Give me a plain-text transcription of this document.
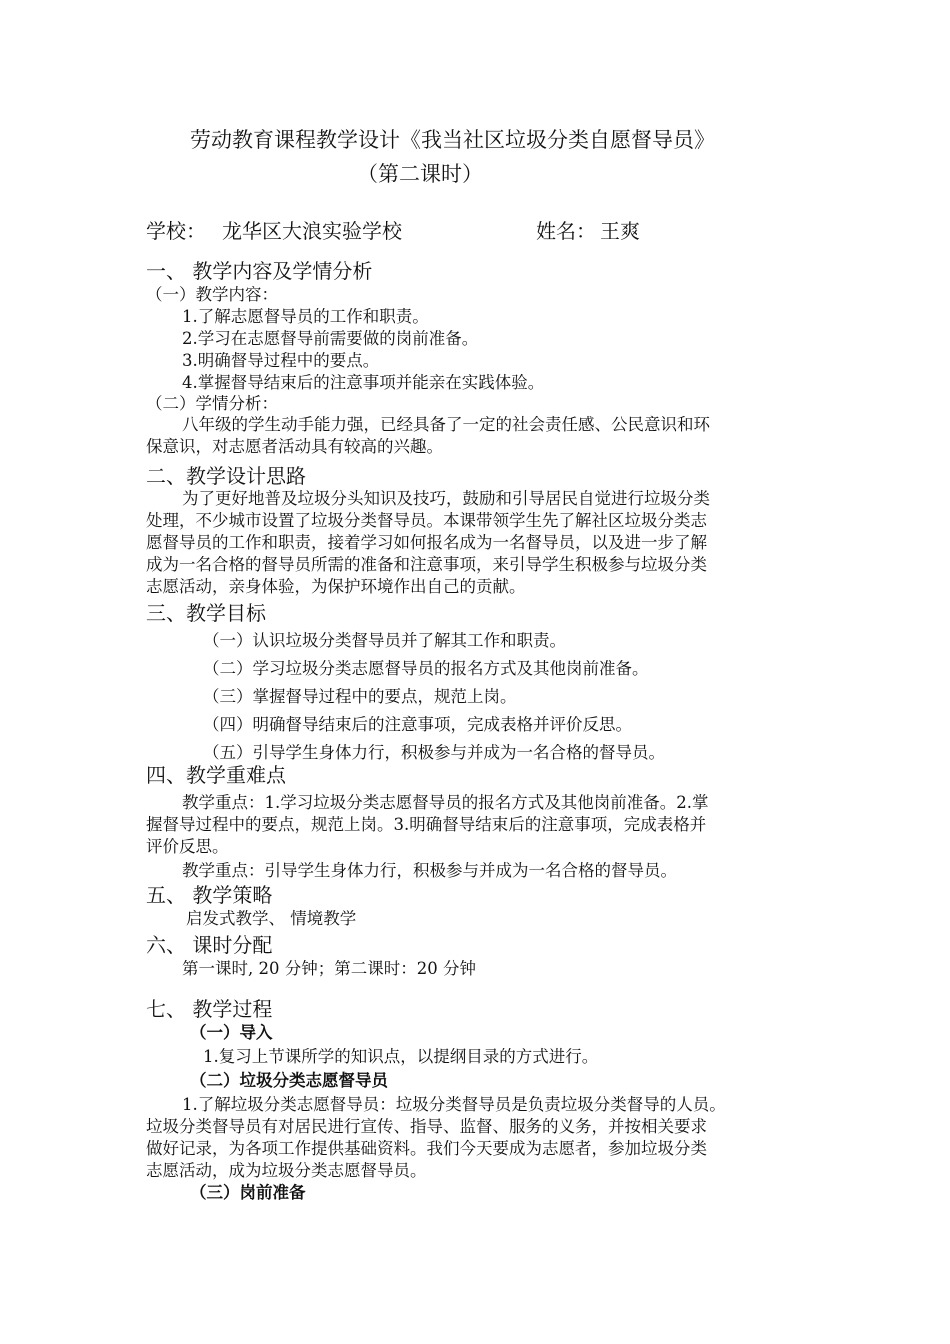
劳动教育课程教学设计《我当社区垃圾分类自愿督导员》
（第二课时）
学校： 龙华区大浪实验学校	姓名： 王爽
一、 教学内容及学情分析
（一）教学内容：
1.了解志愿督导员的工作和职责。
2.学习在志愿督导前需要做的岗前准备。
3.明确督导过程中的要点。
4.掌握督导结束后的注意事项并能亲在实践体验。
（二）学情分析：
八年级的学生动手能力强，已经具备了一定的社会责任感、公民意识和环
保意识，对志愿者活动具有较高的兴趣。
二、教学设计思路
为了更好地普及垃圾分头知识及技巧，鼓励和引导居民自觉进行垃圾分类
处理，不少城市设置了垃圾分类督导员。本课带领学生先了解社区垃圾分类志
愿督导员的工作和职责，接着学习如何报名成为一名督导员，以及进一步了解
成为一名合格的督导员所需的准备和注意事项，来引导学生积极参与垃圾分类
志愿活动，亲身体验，为保护环境作出自己的贡献。
三、教学目标
（一）认识垃圾分类督导员并了解其工作和职责。
（二）学习垃圾分类志愿督导员的报名方式及其他岗前准备。
（三）掌握督导过程中的要点，规范上岗。
（四）明确督导结束后的注意事项，完成表格并评价反思。
（五）引导学生身体力行，积极参与并成为一名合格的督导员。
四、教学重难点
教学重点：1.学习垃圾分类志愿督导员的报名方式及其他岗前准备。2.掌
握督导过程中的要点，规范上岗。3.明确督导结束后的注意事项，完成表格并
评价反思。
教学重点：引导学生身体力行，积极参与并成为一名合格的督导员。
五、 教学策略
启发式教学、 情境教学
六、 课时分配
第一课时, 20 分钟；第二课时：20 分钟
七、 教学过程
（一）导入
1.复习上节课所学的知识点，以提纲目录的方式进行。
（二）垃圾分类志愿督导员
1.了解垃圾分类志愿督导员：垃圾分类督导员是负责垃圾分类督导的人员。
垃圾分类督导员有对居民进行宣传、指导、监督、服务的义务，并按相关要求
做好记录，为各项工作提供基础资料。我们今天要成为志愿者，参加垃圾分类
志愿活动，成为垃圾分类志愿督导员。
（三）岗前准备
